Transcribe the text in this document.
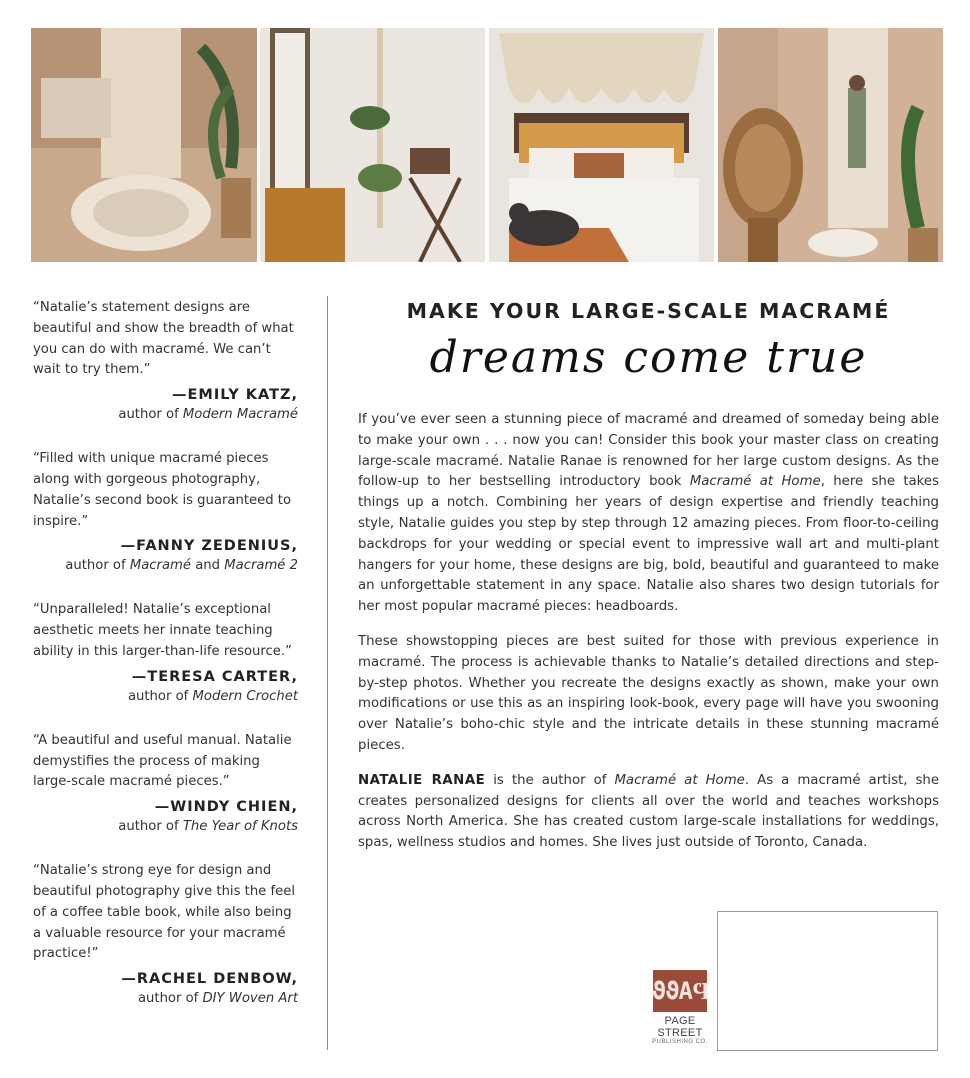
“Natalie’s statement designs are beautiful and show the breadth of what you can do with macramé. We can’t wait to try them.”

—EMILY KATZ,
author of Modern Macramé

“Filled with unique macramé pieces along with gorgeous photography, Natalie’s second book is guaranteed to inspire.”

—FANNY ZEDENIUS,
author of Macramé and Macramé 2

“Unparalleled! Natalie’s exceptional aesthetic meets her innate teaching ability in this larger-than-life resource.”

—TERESA CARTER,
author of Modern Crochet

“A beautiful and useful manual. Natalie demystifies the process of making large-scale macramé pieces.”

—WINDY CHIEN,
author of The Year of Knots

“Natalie’s strong eye for design and beautiful photography give this the feel of a coffee table book, while also being a valuable resource for your macramé practice!”

—RACHEL DENBOW,
author of DIY Woven Art
MAKE YOUR LARGE-SCALE MACRAMÉ
dreams come true

If you’ve ever seen a stunning piece of macramé and dreamed of someday being able to make your own . . . now you can! Consider this book your master class on creating large-scale macramé. Natalie Ranae is renowned for her large custom designs. As the follow-up to her bestselling introductory book Macramé at Home, here she takes things up a notch. Combining her years of design expertise and friendly teaching style, Natalie guides you step by step through 12 amazing pieces. From floor-to-ceiling backdrops for your wedding or special event to impressive wall art and multi-plant hangers for your home, these designs are big, bold, beautiful and guaranteed to make an unforgettable statement in any space. Natalie also shares two design tutorials for her most popular macramé pieces: headboards.

These showstopping pieces are best suited for those with previous experience in macramé. The process is achievable thanks to Natalie’s detailed directions and step-by-step photos. Whether you recreate the designs exactly as shown, make your own modifications or use this as an inspiring look-book, every page will have you swooning over Natalie’s boho-chic style and the intricate details in these stunning macramé pieces.

NATALIE RANAE is the author of Macramé at Home. As a macramé artist, she creates personalized designs for clients all over the world and teaches workshops across North America. She has created custom large-scale installations for weddings, spas, wellness studios and homes. She lives just outside of Toronto, Canada.

ϑϑΑϤ
PAGE STREET
PUBLISHING CO.
